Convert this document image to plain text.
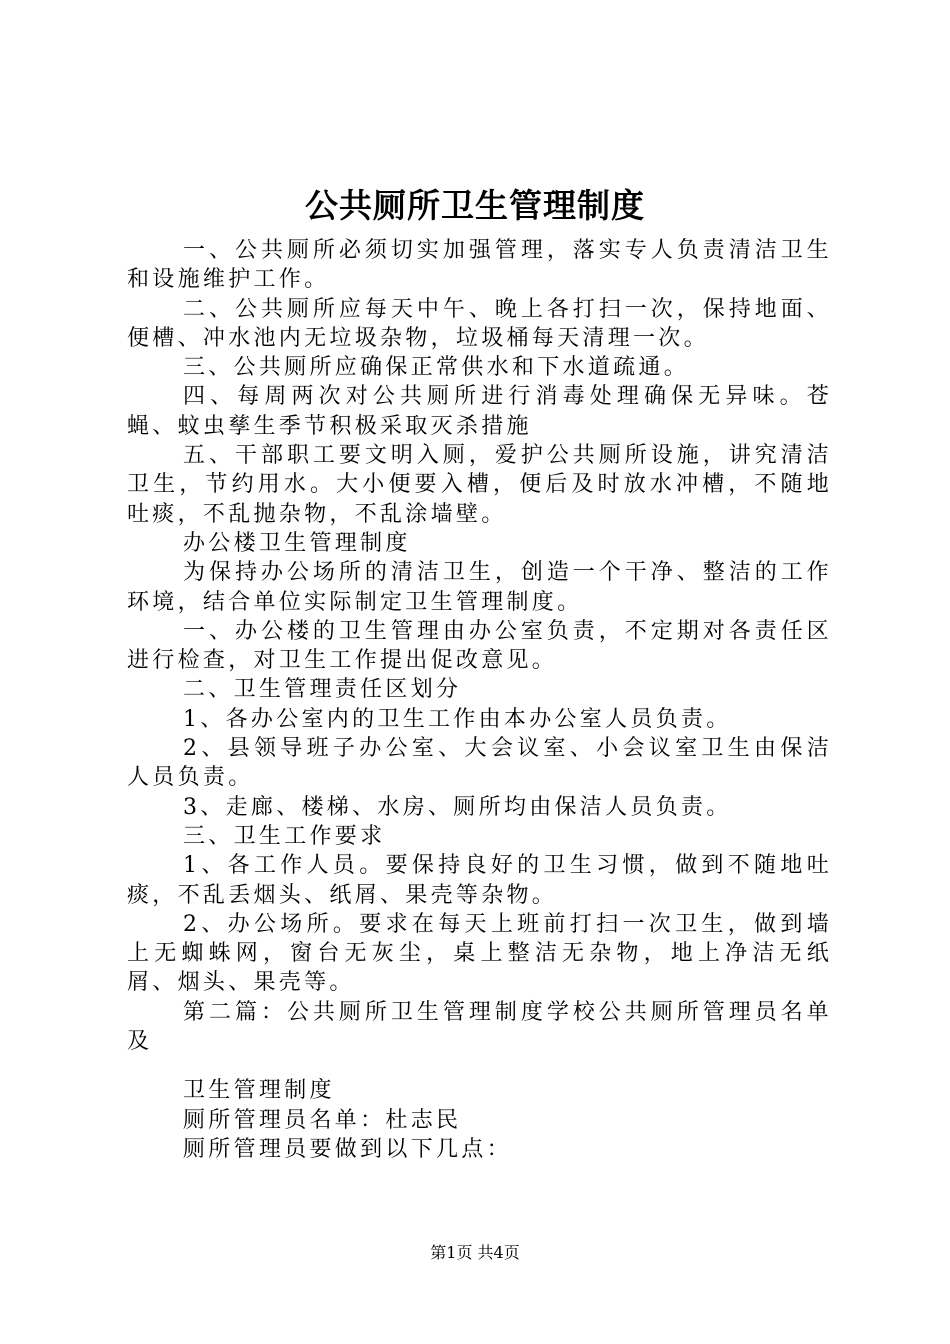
公共厕所卫生管理制度

一、公共厕所必须切实加强管理，落实专人负责清洁卫生和设施维护工作。

二、公共厕所应每天中午、晚上各打扫一次，保持地面、便槽、冲水池内无垃圾杂物，垃圾桶每天清理一次。

三、公共厕所应确保正常供水和下水道疏通。

四、每周两次对公共厕所进行消毒处理确保无异味。苍蝇、蚊虫孳生季节积极采取灭杀措施

五、干部职工要文明入厕，爱护公共厕所设施，讲究清洁卫生，节约用水。大小便要入槽，便后及时放水冲槽，不随地吐痰，不乱抛杂物，不乱涂墙壁。

办公楼卫生管理制度

为保持办公场所的清洁卫生，创造一个干净、整洁的工作环境，结合单位实际制定卫生管理制度。

一、办公楼的卫生管理由办公室负责，不定期对各责任区进行检查，对卫生工作提出促改意见。

二、卫生管理责任区划分

1、各办公室内的卫生工作由本办公室人员负责。

2、县领导班子办公室、大会议室、小会议室卫生由保洁人员负责。

3、走廊、楼梯、水房、厕所均由保洁人员负责。

三、卫生工作要求

1、各工作人员。要保持良好的卫生习惯，做到不随地吐痰，不乱丢烟头、纸屑、果壳等杂物。

2、办公场所。要求在每天上班前打扫一次卫生，做到墙上无蜘蛛网，窗台无灰尘，桌上整洁无杂物，地上净洁无纸屑、烟头、果壳等。

第二篇：公共厕所卫生管理制度学校公共厕所管理员名单及

卫生管理制度

厕所管理员名单：杜志民

厕所管理员要做到以下几点：

第1页 共4页
